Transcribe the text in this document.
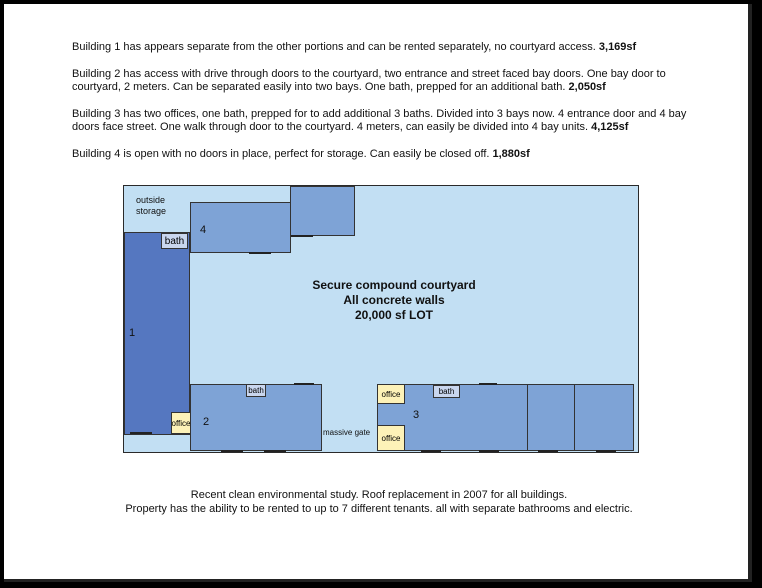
Building 1 has appears separate from the other portions and can be rented separately, no courtyard access. 3,169sf

Building 2 has access with drive through doors to the courtyard, two entrance and street faced bay doors. One bay door to courtyard, 2 meters. Can be separated easily into two bays. One bath, prepped for an additional bath. 2,050sf

Building 3 has two offices, one bath, prepped for to add additional 3 baths. Divided into 3 bays now. 4 entrance door and 4 bay doors face street. One walk through door to the courtyard. 4 meters, can easily be divided into 4 bay units. 4,125sf

Building 4 is open with no doors in place, perfect for storage. Can easily be closed off. 1,880sf

outside storage
4
bath
1
bath
office 2
massive gate
office
office
bath
3
Secure compound courtyard
All concrete walls
20,000 sf LOT

Recent clean environmental study. Roof replacement in 2007 for all buildings.

Property has the ability to be rented to up to 7 different tenants. all with separate bathrooms and electric.
